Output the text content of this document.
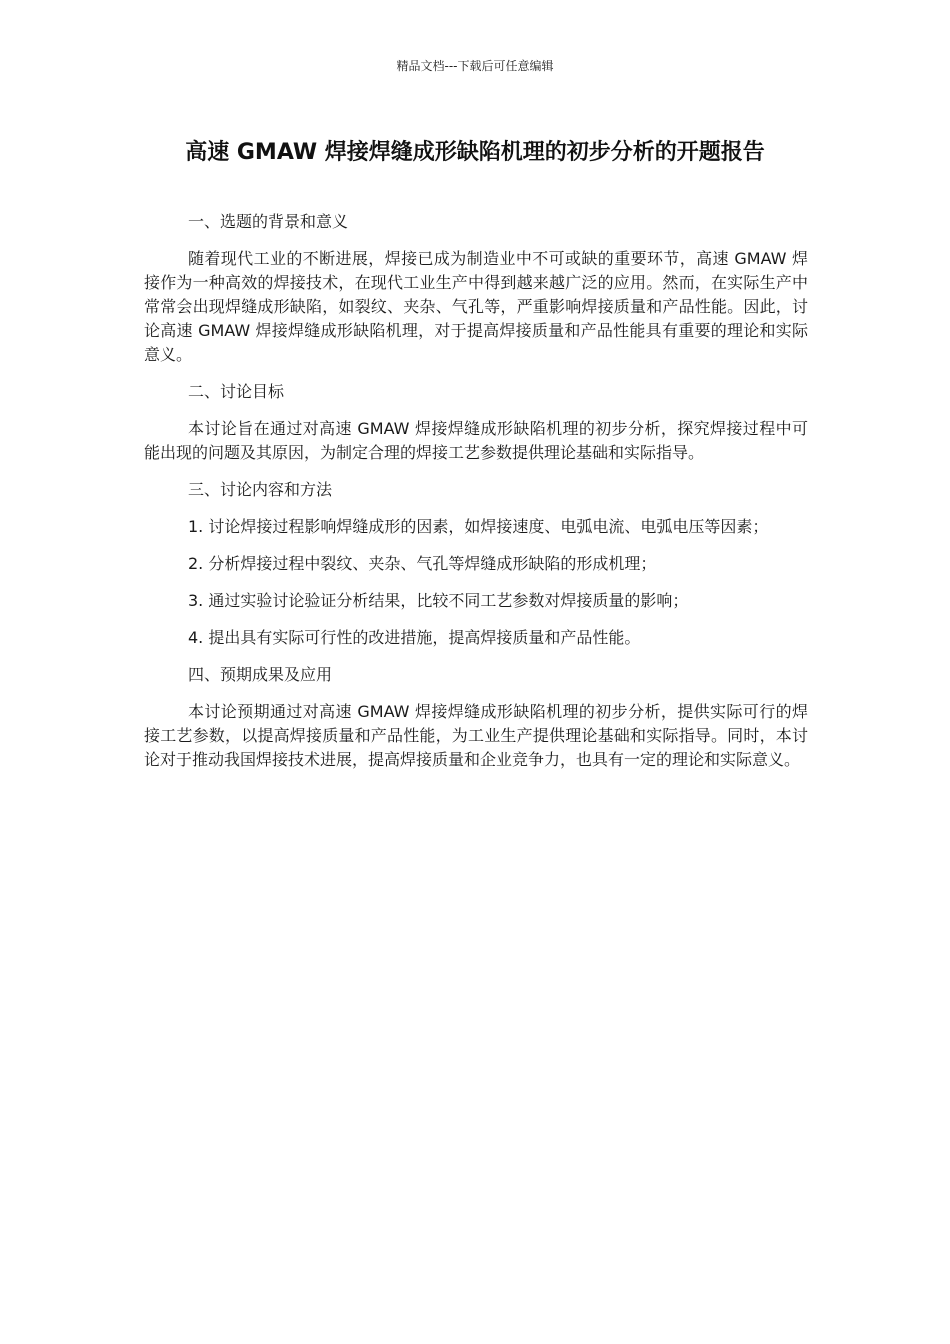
精品文档---下载后可任意编辑
高速 GMAW 焊接焊缝成形缺陷机理的初步分析的开题报告

一、选题的背景和意义

随着现代工业的不断进展，焊接已成为制造业中不可或缺的重要环节，高速 GMAW 焊接作为一种高效的焊接技术，在现代工业生产中得到越来越广泛的应用。然而，在实际生产中常常会出现焊缝成形缺陷，如裂纹、夹杂、气孔等，严重影响焊接质量和产品性能。因此，讨论高速 GMAW 焊接焊缝成形缺陷机理，对于提高焊接质量和产品性能具有重要的理论和实际意义。

二、讨论目标

本讨论旨在通过对高速 GMAW 焊接焊缝成形缺陷机理的初步分析，探究焊接过程中可能出现的问题及其原因，为制定合理的焊接工艺参数提供理论基础和实际指导。

三、讨论内容和方法

1. 讨论焊接过程影响焊缝成形的因素，如焊接速度、电弧电流、电弧电压等因素；

2. 分析焊接过程中裂纹、夹杂、气孔等焊缝成形缺陷的形成机理；

3. 通过实验讨论验证分析结果，比较不同工艺参数对焊接质量的影响；

4. 提出具有实际可行性的改进措施，提高焊接质量和产品性能。

四、预期成果及应用

本讨论预期通过对高速 GMAW 焊接焊缝成形缺陷机理的初步分析，提供实际可行的焊接工艺参数，以提高焊接质量和产品性能，为工业生产提供理论基础和实际指导。同时，本讨论对于推动我国焊接技术进展，提高焊接质量和企业竞争力，也具有一定的理论和实际意义。
